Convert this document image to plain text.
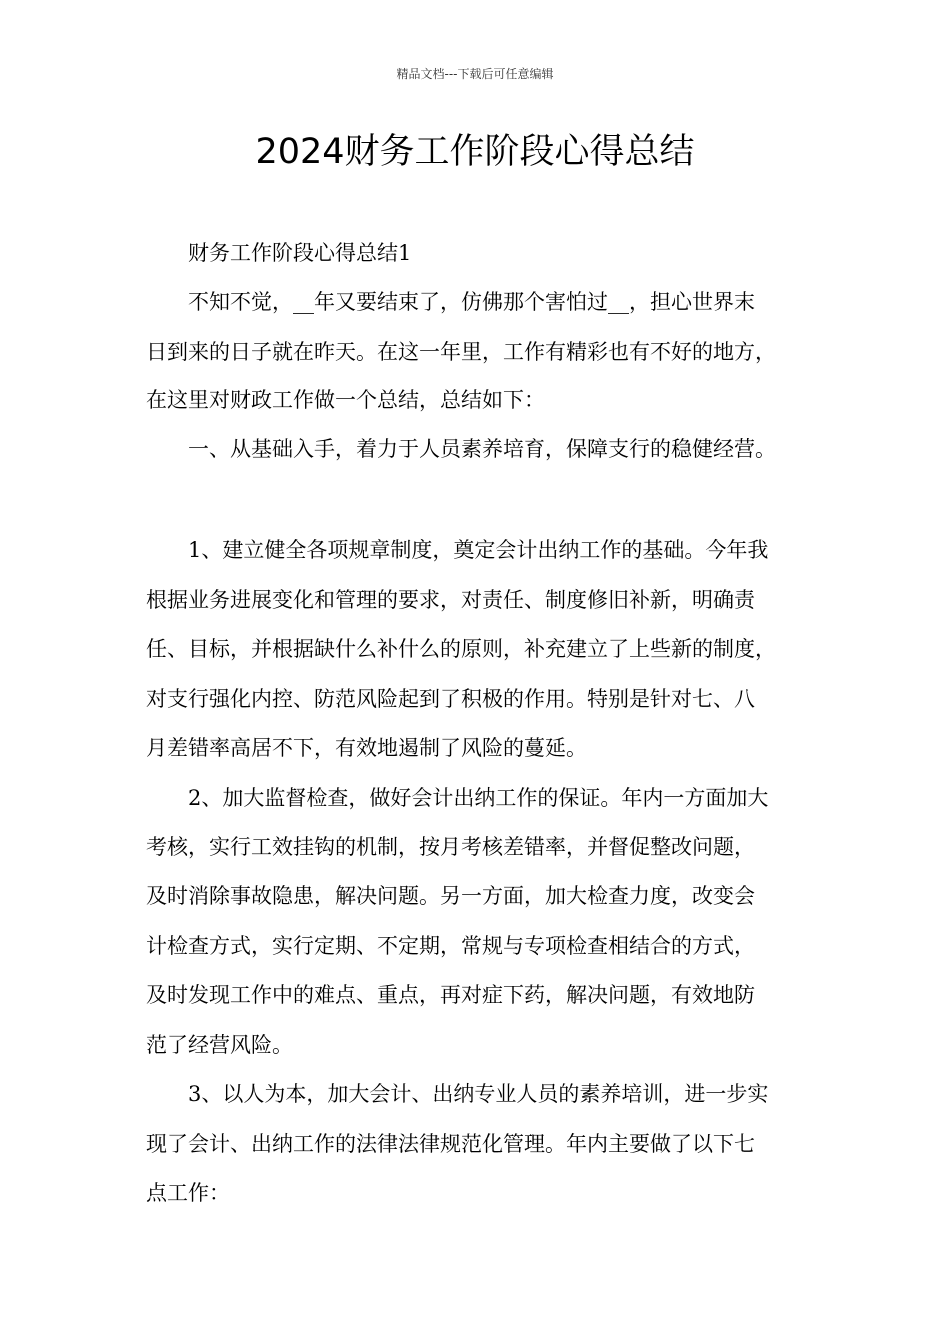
精品文档---下载后可任意编辑
2024财务工作阶段心得总结
财务工作阶段心得总结1
不知不觉，__年又要结束了，仿佛那个害怕过__，担心世界末
日到来的日子就在昨天。在这一年里，工作有精彩也有不好的地方，
在这里对财政工作做一个总结，总结如下：
一、从基础入手，着力于人员素养培育，保障支行的稳健经营。
1、建立健全各项规章制度，奠定会计出纳工作的基础。今年我
根据业务进展变化和管理的要求，对责任、制度修旧补新，明确责
任、目标，并根据缺什么补什么的原则，补充建立了上些新的制度，
对支行强化内控、防范风险起到了积极的作用。特别是针对七、八
月差错率高居不下，有效地遏制了风险的蔓延。
2、加大监督检查，做好会计出纳工作的保证。年内一方面加大
考核，实行工效挂钩的机制，按月考核差错率，并督促整改问题，
及时消除事故隐患，解决问题。另一方面，加大检查力度，改变会
计检查方式，实行定期、不定期，常规与专项检查相结合的方式，
及时发现工作中的难点、重点，再对症下药，解决问题，有效地防
范了经营风险。
3、以人为本，加大会计、出纳专业人员的素养培训，进一步实
现了会计、出纳工作的法律法律规范化管理。年内主要做了以下七
点工作：
